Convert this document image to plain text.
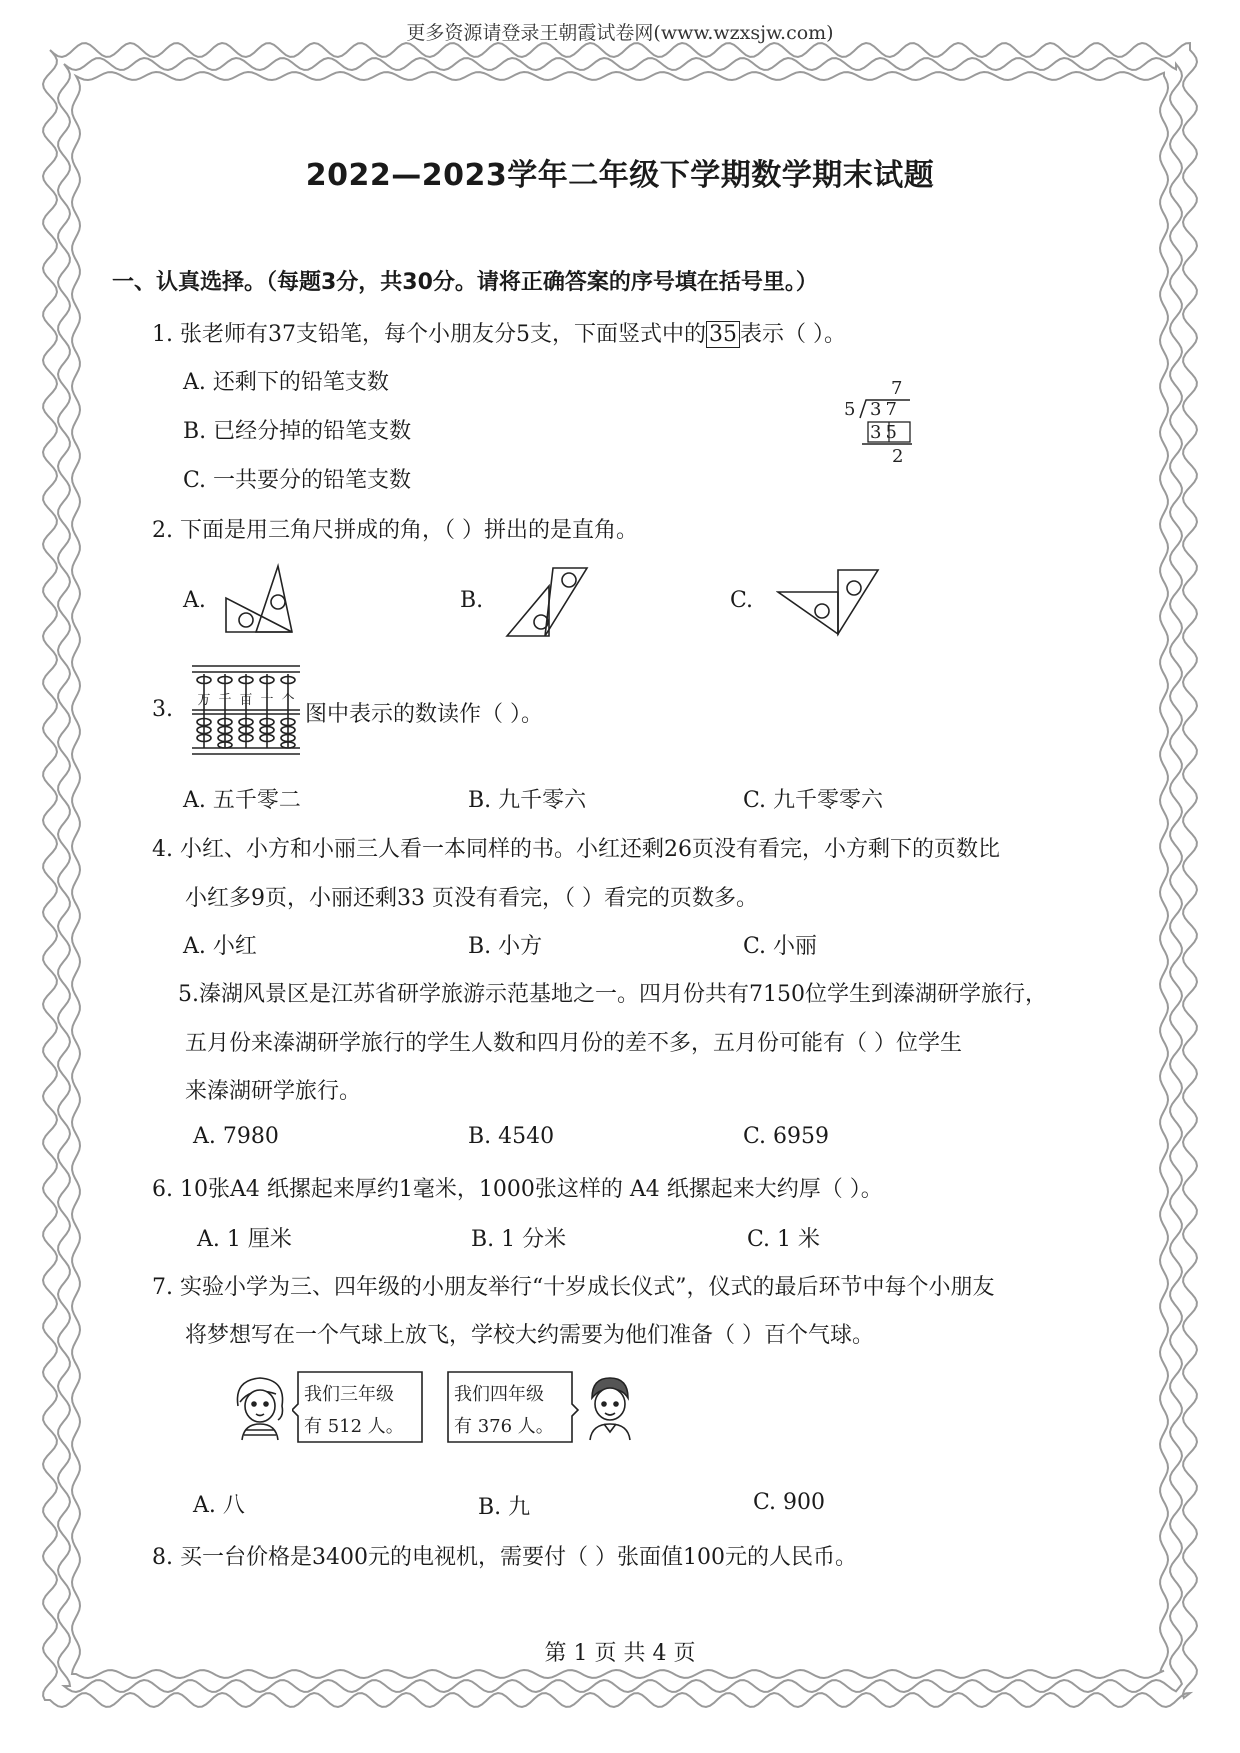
更多资源请登录王朝霞试卷网(www.wzxsjw.com)
2022—2023学年二年级下学期数学期末试题
一、认真选择。（每题3分，共30分。请将正确答案的序号填在括号里。）
1. 张老师有37支铅笔，每个小朋友分5支，下面竖式中的 35 表示（ ）。
A. 还剩下的铅笔支数
B. 已经分掉的铅笔支数
C. 一共要分的铅笔支数
7
5 37
35
2
2. 下面是用三角尺拼成的角，（ ）拼出的是直角。
A.	B.	C.
3. 万 千 百 十 个
图中表示的数读作（ ）。
A. 五千零二	B. 九千零六	C. 九千零零六
4. 小红、小方和小丽三人看一本同样的书。小红还剩26页没有看完，小方剩下的页数比
小红多9页，小丽还剩33 页没有看完，（ ）看完的页数多。
A. 小红	B. 小方	C. 小丽
5.溱湖风景区是江苏省研学旅游示范基地之一。四月份共有7150位学生到溱湖研学旅行，
五月份来溱湖研学旅行的学生人数和四月份的差不多，五月份可能有（ ）位学生
来溱湖研学旅行。
A. 7980	B. 4540	C. 6959
6. 10张A4 纸摞起来厚约1毫米，1000张这样的 A4 纸摞起来大约厚（ ）。
A. 1 厘米	B. 1 分米	C. 1 米
7. 实验小学为三、四年级的小朋友举行“十岁成长仪式”，仪式的最后环节中每个小朋友
将梦想写在一个气球上放飞，学校大约需要为他们准备（ ）百个气球。
我们三年级
有 512 人。
我们四年级
有 376 人。
A. 八	B. 九	C. 900
8. 买一台价格是3400元的电视机，需要付（ ）张面值100元的人民币。
第 1 页 共 4 页
